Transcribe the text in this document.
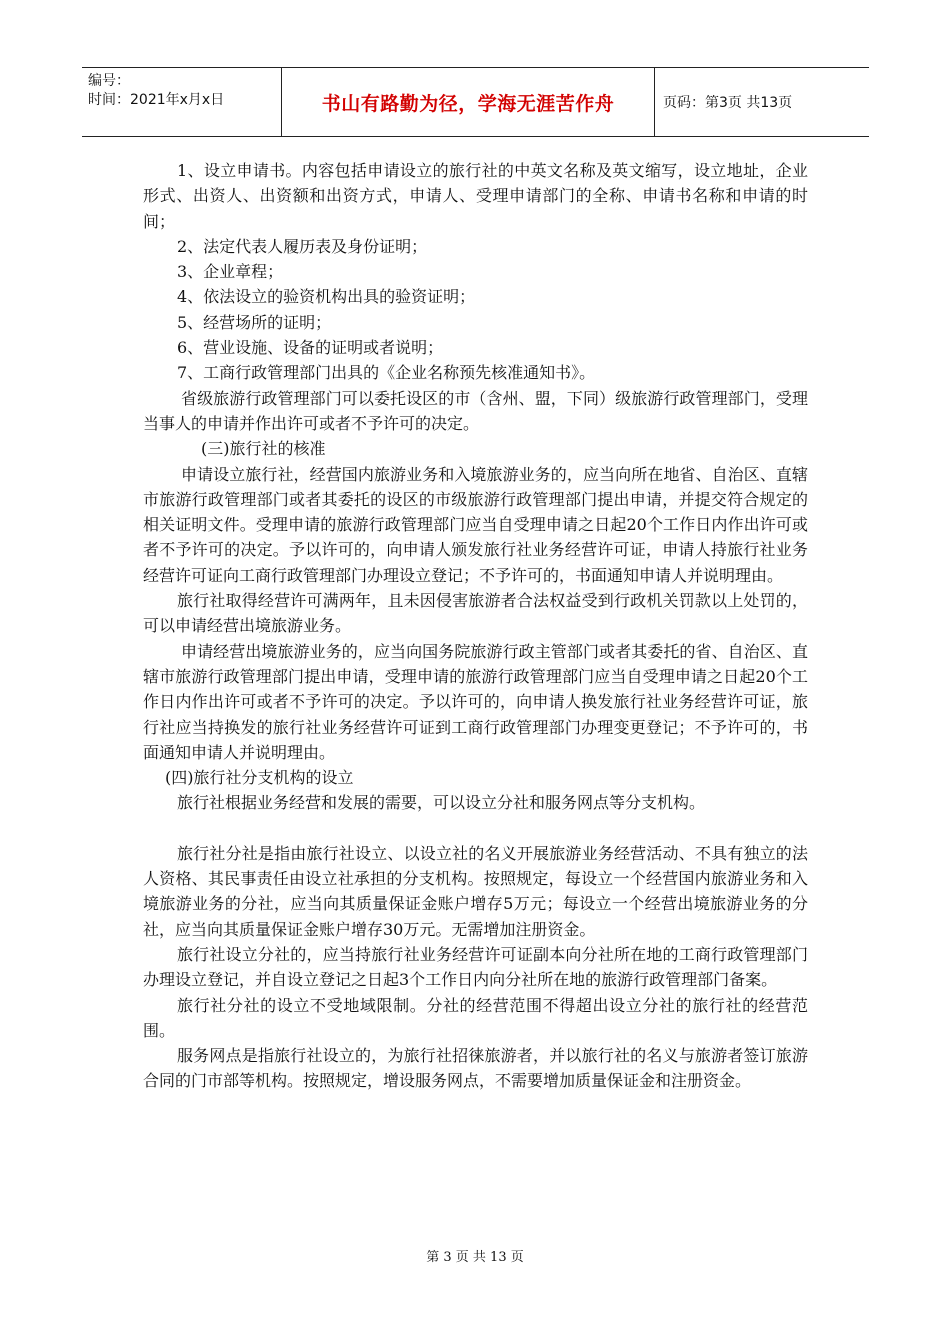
编号：
时间：2021年x月x日	书山有路勤为径，学海无涯苦作舟	页码：第3页 共13页

1、设立申请书。内容包括申请设立的旅行社的中英文名称及英文缩写，设立地址，企业形式、出资人、出资额和出资方式，申请人、受理申请部门的全称、申请书名称和申请的时间；

2、法定代表人履历表及身份证明；

3、企业章程；

4、依法设立的验资机构出具的验资证明；

5、经营场所的证明；

6、营业设施、设备的证明或者说明；

7、工商行政管理部门出具的《企业名称预先核准通知书》。

省级旅游行政管理部门可以委托设区的市（含州、盟，下同）级旅游行政管理部门，受理当事人的申请并作出许可或者不予许可的决定。

(三)旅行社的核准

申请设立旅行社，经营国内旅游业务和入境旅游业务的，应当向所在地省、自治区、直辖市旅游行政管理部门或者其委托的设区的市级旅游行政管理部门提出申请，并提交符合规定的相关证明文件。受理申请的旅游行政管理部门应当自受理申请之日起20个工作日内作出许可或者不予许可的决定。予以许可的，向申请人颁发旅行社业务经营许可证，申请人持旅行社业务经营许可证向工商行政管理部门办理设立登记；不予许可的，书面通知申请人并说明理由。

旅行社取得经营许可满两年，且未因侵害旅游者合法权益受到行政机关罚款以上处罚的，可以申请经营出境旅游业务。

申请经营出境旅游业务的，应当向国务院旅游行政主管部门或者其委托的省、自治区、直辖市旅游行政管理部门提出申请，受理申请的旅游行政管理部门应当自受理申请之日起20个工作日内作出许可或者不予许可的决定。予以许可的，向申请人换发旅行社业务经营许可证，旅行社应当持换发的旅行社业务经营许可证到工商行政管理部门办理变更登记；不予许可的，书面通知申请人并说明理由。

(四)旅行社分支机构的设立

旅行社根据业务经营和发展的需要，可以设立分社和服务网点等分支机构。

旅行社分社是指由旅行社设立、以设立社的名义开展旅游业务经营活动、不具有独立的法人资格、其民事责任由设立社承担的分支机构。按照规定，每设立一个经营国内旅游业务和入境旅游业务的分社，应当向其质量保证金账户增存5万元；每设立一个经营出境旅游业务的分社，应当向其质量保证金账户增存30万元。无需增加注册资金。

旅行社设立分社的，应当持旅行社业务经营许可证副本向分社所在地的工商行政管理部门办理设立登记，并自设立登记之日起3个工作日内向分社所在地的旅游行政管理部门备案。

旅行社分社的设立不受地域限制。分社的经营范围不得超出设立分社的旅行社的经营范围。

服务网点是指旅行社设立的，为旅行社招徕旅游者，并以旅行社的名义与旅游者签订旅游合同的门市部等机构。按照规定，增设服务网点，不需要增加质量保证金和注册资金。

第 3 页 共 13 页
